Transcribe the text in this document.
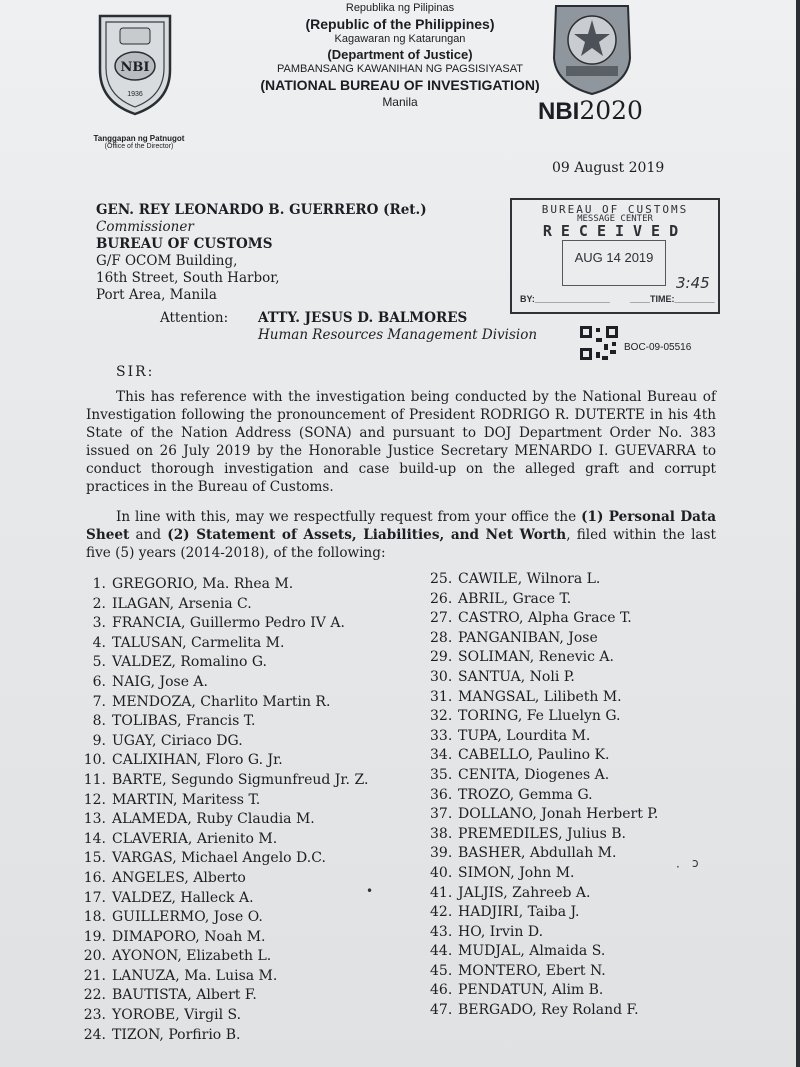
NBI
1936
Tanggapan ng Patnugot
(Office of the Director)
Republika ng Pilipinas
(Republic of the Philippines)
Kagawaran ng Katarungan
(Department of Justice)
PAMBANSANG KAWANIHAN NG PAGSISIYASAT
(NATIONAL BUREAU OF INVESTIGATION)
Manila	NBI2020
09 August 2019
GEN. REY LEONARDO B. GUERRERO (Ret.)
Commissioner
BUREAU OF CUSTOMS
G/F OCOM Building,
16th Street, South Harbor,
Port Area, Manila
Attention: ATTY. JESUS D. BALMORES
Human Resources Management Division
BUREAU OF CUSTOMS
MESSAGE CENTER
RECEIVED
AUG 14 2019
BY:_______________ ____TIME:________
3:45
BOC-09-05516
SIR:

This has reference with the investigation being conducted by the National Bureau of Investigation following the pronouncement of President RODRIGO R. DUTERTE in his 4th State of the Nation Address (SONA) and pursuant to DOJ Department Order No. 383 issued on 26 July 2019 by the Honorable Justice Secretary MENARDO I. GUEVARRA to conduct thorough investigation and case build-up on the alleged graft and corrupt practices in the Bureau of Customs.

In line with this, may we respectfully request from your office the (1) Personal Data Sheet and (2) Statement of Assets, Liabilities, and Net Worth, filed within the last five (5) years (2014-2018), of the following:

1. GREGORIO, Ma. Rhea M.
2. ILAGAN, Arsenia C.
3. FRANCIA, Guillermo Pedro IV A.
4. TALUSAN, Carmelita M.
5. VALDEZ, Romalino G.
6. NAIG, Jose A.
7. MENDOZA, Charlito Martin R.
8. TOLIBAS, Francis T.
9. UGAY, Ciriaco DG.
10. CALIXIHAN, Floro G. Jr.
11. BARTE, Segundo Sigmunfreud Jr. Z.
12. MARTIN, Maritess T.
13. ALAMEDA, Ruby Claudia M.
14. CLAVERIA, Arienito M.
15. VARGAS, Michael Angelo D.C.
16. ANGELES, Alberto
17. VALDEZ, Halleck A.
18. GUILLERMO, Jose O.
19. DIMAPORO, Noah M.
20. AYONON, Elizabeth L.
21. LANUZA, Ma. Luisa M.
22. BAUTISTA, Albert F.
23. YOROBE, Virgil S.
24. TIZON, Porfirio B.
25. CAWILE, Wilnora L.
26. ABRIL, Grace T.
27. CASTRO, Alpha Grace T.
28. PANGANIBAN, Jose
29. SOLIMAN, Renevic A.
30. SANTUA, Noli P.
31. MANGSAL, Lilibeth M.
32. TORING, Fe Lluelyn G.
33. TUPA, Lourdita M.
34. CABELLO, Paulino K.
35. CENITA, Diogenes A.
36. TROZO, Gemma G.
37. DOLLANO, Jonah Herbert P.
38. PREMEDILES, Julius B.
39. BASHER, Abdullah M.
40. SIMON, John M.
41. JALJIS, Zahreeb A.
42. HADJIRI, Taiba J.
43. HO, Irvin D.
44. MUDJAL, Almaida S.
45. MONTERO, Ebert N.
46. PENDATUN, Alim B.
47. BERGADO, Rey Roland F.
•
· ↄ
